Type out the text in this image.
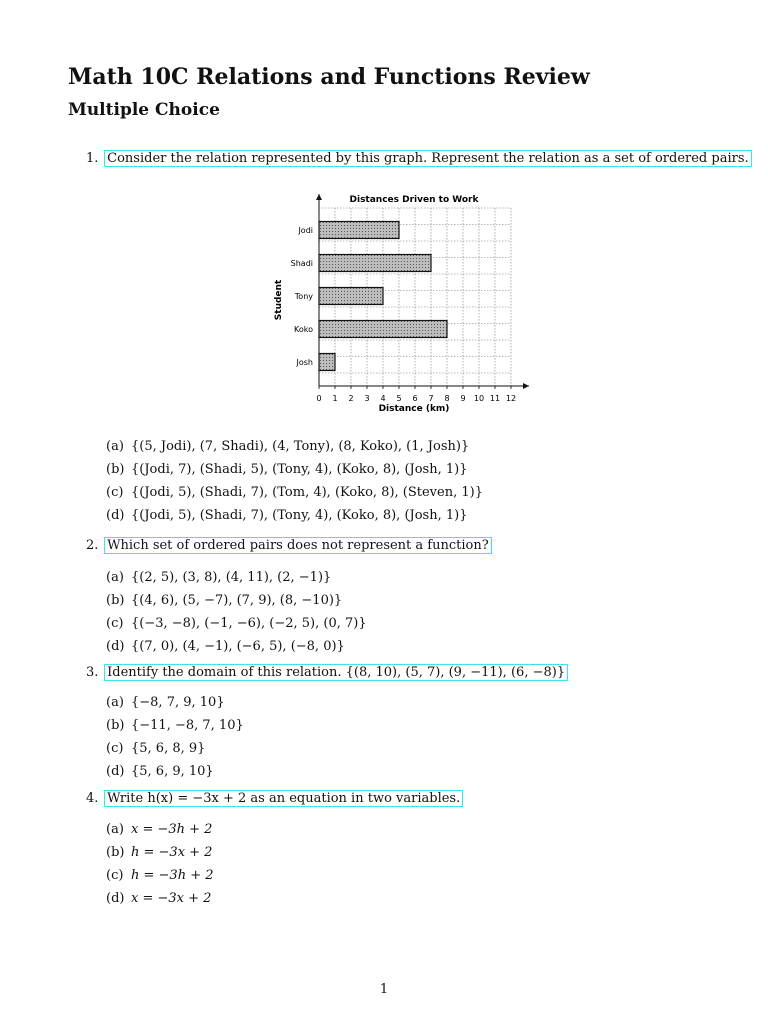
Math 10C Relations and Functions Review
Multiple Choice
1. Consider the relation represented by this graph. Represent the relation as a set of ordered pairs.
Distances Driven to Work
Jodi
Shadi
Tony
Koko
Josh
0 1 2 3 4 5 6 7 8 9 10 11 12
Distance (km)
Student
(a) {(5, Jodi), (7, Shadi), (4, Tony), (8, Koko), (1, Josh)}
(b) {(Jodi, 7), (Shadi, 5), (Tony, 4), (Koko, 8), (Josh, 1)}
(c) {(Jodi, 5), (Shadi, 7), (Tom, 4), (Koko, 8), (Steven, 1)}
(d) {(Jodi, 5), (Shadi, 7), (Tony, 4), (Koko, 8), (Josh, 1)}
2. Which set of ordered pairs does not represent a function?
(a) {(2, 5), (3, 8), (4, 11), (2, −1)}
(b) {(4, 6), (5, −7), (7, 9), (8, −10)}
(c) {(−3, −8), (−1, −6), (−2, 5), (0, 7)}
(d) {(7, 0), (4, −1), (−6, 5), (−8, 0)}
3. Identify the domain of this relation. {(8, 10), (5, 7), (9, −11), (6, −8)}
(a) {−8, 7, 9, 10}
(b) {−11, −8, 7, 10}
(c) {5, 6, 8, 9}
(d) {5, 6, 9, 10}
4. Write h(x) = −3x + 2 as an equation in two variables.
(a) x = −3h + 2
(b) h = −3x + 2
(c) h = −3h + 2
(d) x = −3x + 2
1
